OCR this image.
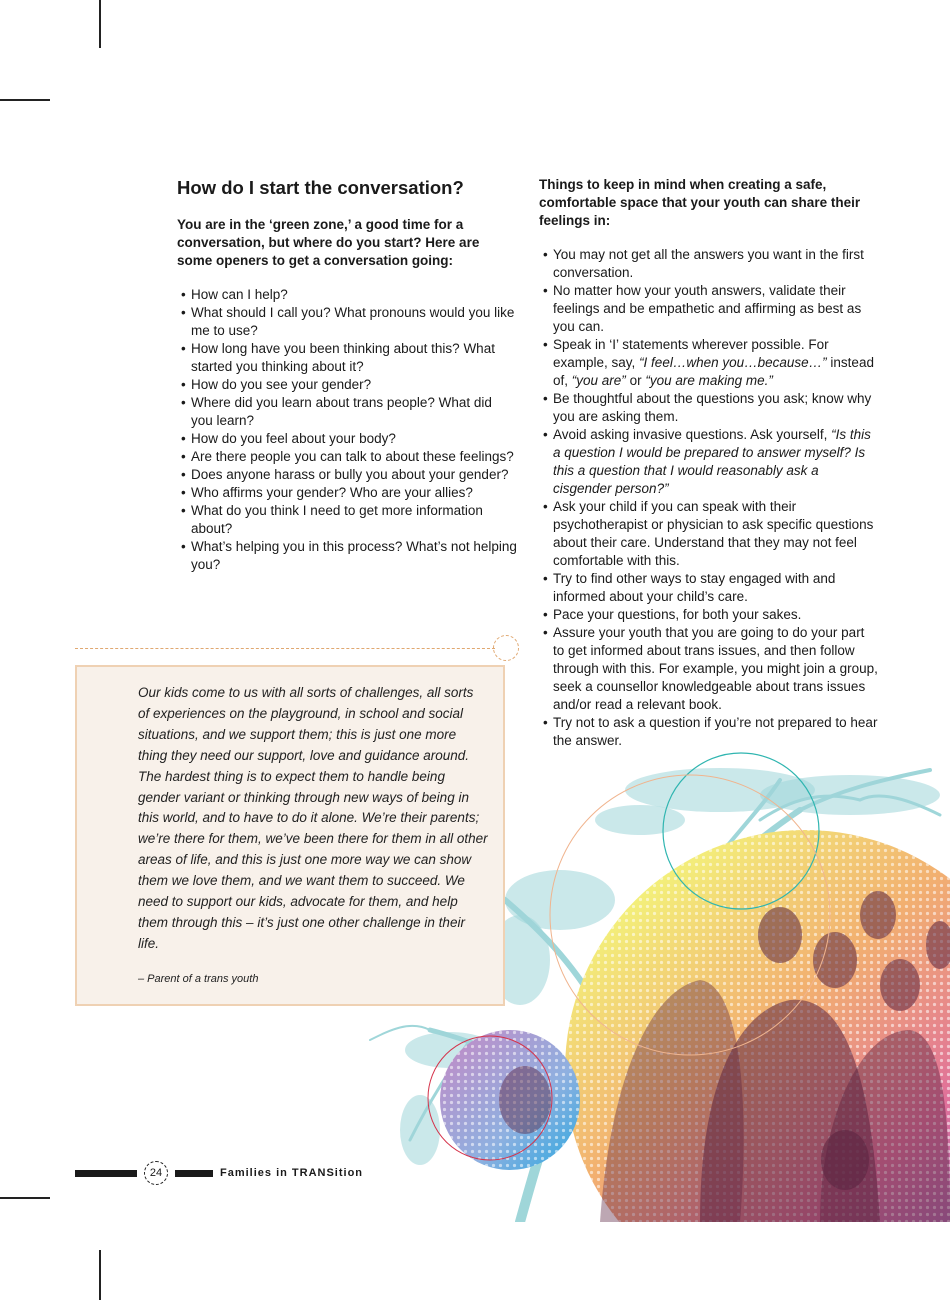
How do I start the conversation?

You are in the ‘green zone,’ a good time for a conversation, but where do you start? Here are some openers to get a conversation going:

• How can I help?
• What should I call you? What pronouns would you like me to use?
• How long have you been thinking about this? What started you thinking about it?
• How do you see your gender?
• Where did you learn about trans people? What did you learn?
• How do you feel about your body?
• Are there people you can talk to about these feelings?
• Does anyone harass or bully you about your gender?
• Who affirms your gender? Who are your allies?
• What do you think I need to get more information about?
• What’s helping you in this process? What’s not helping you?

Things to keep in mind when creating a safe, comfortable space that your youth can share their feelings in:

• You may not get all the answers you want in the first conversation.
• No matter how your youth answers, validate their feelings and be empathetic and affirming as best as you can.
• Speak in ‘I’ statements wherever possible. For example, say, “I feel…when you…because…” instead of, “you are” or “you are making me.”
• Be thoughtful about the questions you ask; know why you are asking them.
• Avoid asking invasive questions. Ask yourself, “Is this a question I would be prepared to answer myself? Is this a question that I would reasonably ask a cisgender person?”
• Ask your child if you can speak with their psychotherapist or physician to ask specific questions about their care. Understand that they may not feel comfortable with this.
• Try to find other ways to stay engaged with and informed about your child’s care.
• Pace your questions, for both your sakes.
• Assure your youth that you are going to do your part to get informed about trans issues, and then follow through with this. For example, you might join a group, seek a counsellor knowledgeable about trans issues and/or read a relevant book.
• Try not to ask a question if you’re not prepared to hear the answer.

Our kids come to us with all sorts of challenges, all sorts of experiences on the playground, in school and social situations, and we support them; this is just one more thing they need our support, love and guidance around. The hardest thing is to expect them to handle being gender variant or thinking through new ways of being in this world, and to have to do it alone. We’re their parents; we’re there for them, we’ve been there for them in all other areas of life, and this is just one more way we can show them we love them, and we want them to succeed. We need to support our kids, advocate for them, and help them through this – it’s just one other challenge in their life.

– Parent of a trans youth

24	Families in TRANSition
